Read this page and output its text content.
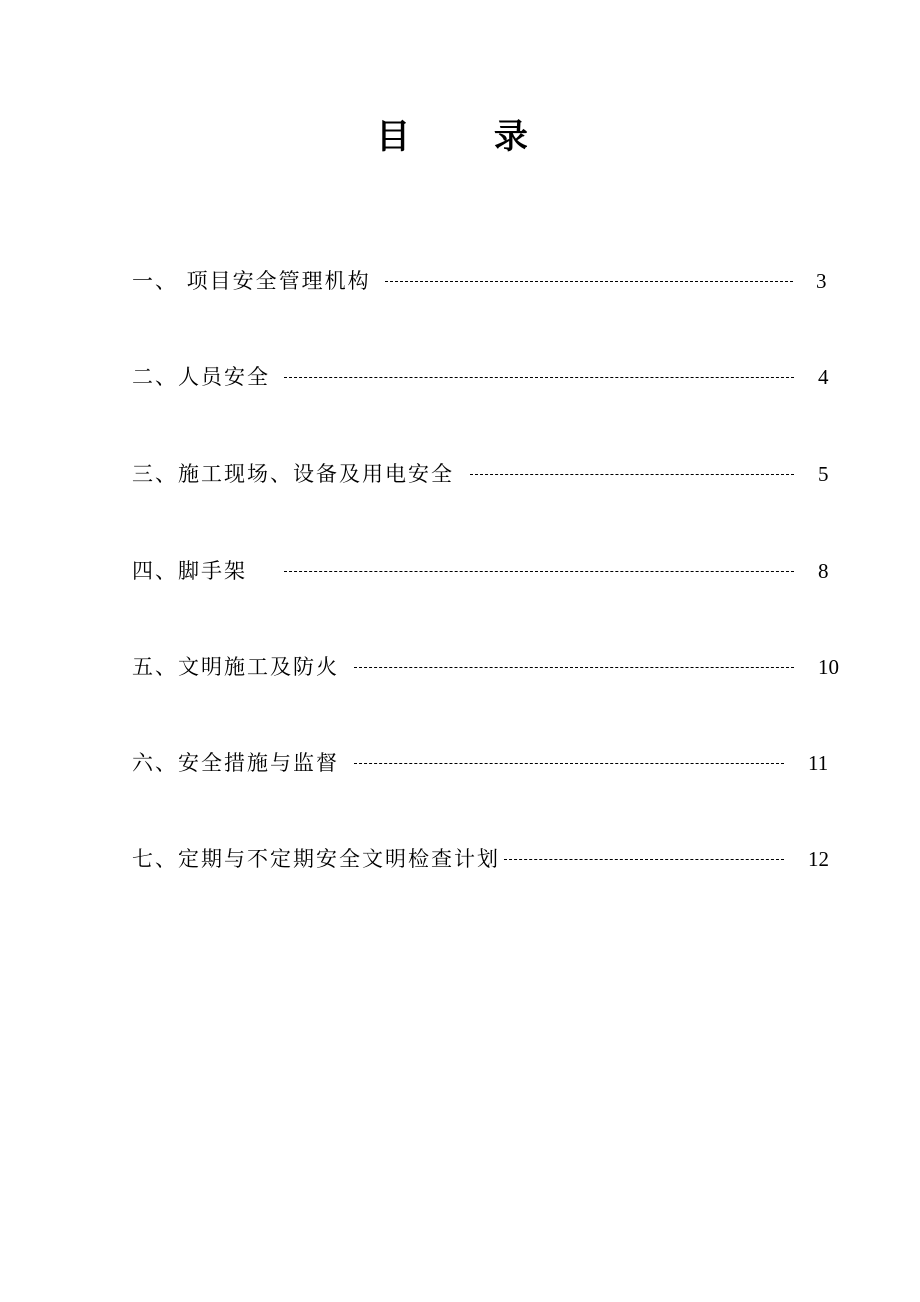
目 录
一、 项目安全管理机构	3
二、人员安全	4
三、施工现场、设备及用电安全	5
四、脚手架	8
五、文明施工及防火	10
六、安全措施与监督	11
七、定期与不定期安全文明检查计划	12
